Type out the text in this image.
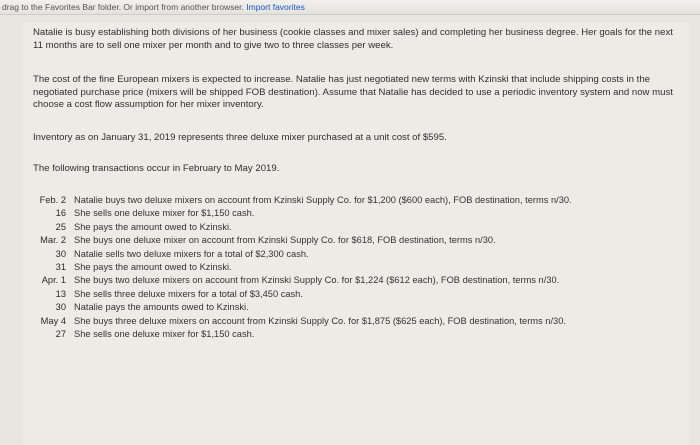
drag to the Favorites Bar folder. Or import from another browser. Import favorites

Natalie is busy establishing both divisions of her business (cookie classes and mixer sales) and completing her business degree. Her goals for the next 11 months are to sell one mixer per month and to give two to three classes per week.

The cost of the fine European mixers is expected to increase. Natalie has just negotiated new terms with Kzinski that include shipping costs in the negotiated purchase price (mixers will be shipped FOB destination). Assume that Natalie has decided to use a periodic inventory system and now must choose a cost flow assumption for her mixer inventory.

Inventory as on January 31, 2019 represents three deluxe mixer purchased at a unit cost of $595.

The following transactions occur in February to May 2019.

Feb. 2 Natalie buys two deluxe mixers on account from Kzinski Supply Co. for $1,200 ($600 each), FOB destination, terms n/30.
16 She sells one deluxe mixer for $1,150 cash.
25 She pays the amount owed to Kzinski.
Mar. 2 She buys one deluxe mixer on account from Kzinski Supply Co. for $618, FOB destination, terms n/30.
30 Natalie sells two deluxe mixers for a total of $2,300 cash.
31 She pays the amount owed to Kzinski.
Apr. 1 She buys two deluxe mixers on account from Kzinski Supply Co. for $1,224 ($612 each), FOB destination, terms n/30.
13 She sells three deluxe mixers for a total of $3,450 cash.
30 Natalie pays the amounts owed to Kzinski.
May 4 She buys three deluxe mixers on account from Kzinski Supply Co. for $1,875 ($625 each), FOB destination, terms n/30.
27 She sells one deluxe mixer for $1,150 cash.
